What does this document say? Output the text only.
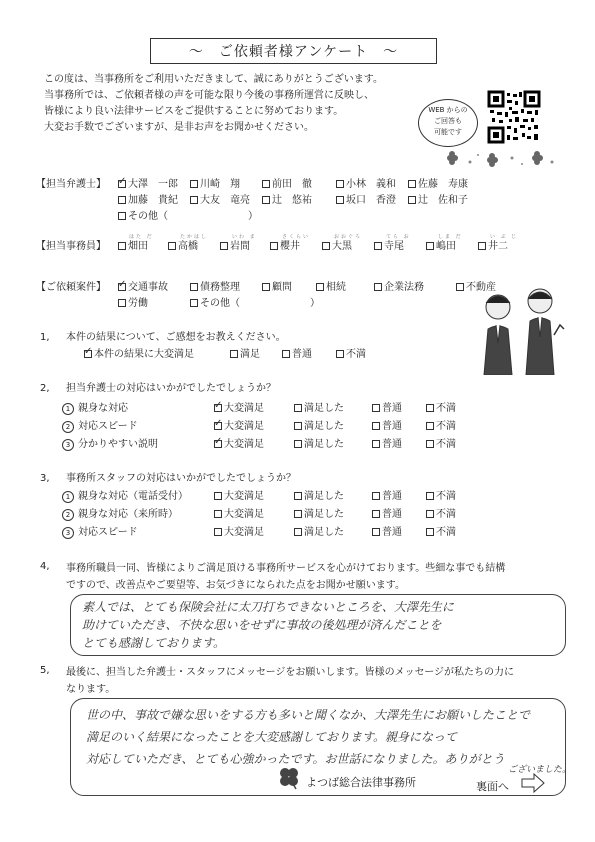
～　ご依頼者様アンケート　～
この度は、当事務所をご利用いただきまして、誠にありがとうございます。
当事務所では、ご依頼者様の声を可能な限り今後の事務所運営に反映し、
皆様により良い法律サービスをご提供することに努めております。
大変お手数でございますが、是非お声をお聞かせください。
WEB からの
ご回答も
可能です
【担当弁護士】 ✓	大澤　一郎	川崎　翔	前田　徹	小林　義和	佐藤　寿康
加藤　貴紀	大友　竜亮	辻　悠祐	坂口　香澄	辻　佐和子
その他（　　　　　　　　）
【担当事務員】
はた だ
畑田
たかはし
高橋
いわ ま
岩間
さくらい
櫻井
おおぐろ
大黒
てら お
寺尾
しま だ
嶋田
い ぶ じ
井二
【ご依頼案件】 ✓	交通事故	債務整理	顧問	相続	企業法務	不動産
労働	その他（　　　　　　　）
1, 本件の結果について、ご感想をお教えください。
✓本件の結果に大変満足	満足	普通	不満
2, 担当弁護士の対応はいかがでしたでしょうか？
1 親身な対応 ✓	大変満足	満足した	普通	不満
2 対応スピード ✓	大変満足	満足した	普通	不満
3 分かりやすい説明 ✓	大変満足	満足した	普通	不満
3, 事務所スタッフの対応はいかがでしたでしょうか？
1 親身な対応（電話受付）	大変満足	満足した	普通	不満
2 親身な対応（来所時）	大変満足	満足した	普通	不満
3 対応スピード	大変満足	満足した	普通	不満
4, 事務所職員一同、皆様によりご満足頂ける事務所サービスを心がけております。些細な事でも結構
ですので、改善点やご要望等、お気づきになられた点をお聞かせ願います。
素人では、とても保険会社に太刀打ちできないところを、大澤先生に
助けていただき、不快な思いをせずに事故の後処理が済んだことを
とても感謝しております。
5, 最後に、担当した弁護士・スタッフにメッセージをお願いします。皆様のメッセージが私たちの力に
なります。
世の中、事故で嫌な思いをする方も多いと聞くなか、大澤先生にお願いしたことで
満足のいく結果になったことを大変感謝しております。親身になって
対応していただき、とても心強かったです。お世話になりました。ありがとう
ございました。
よつば総合法律事務所	裏面へ
